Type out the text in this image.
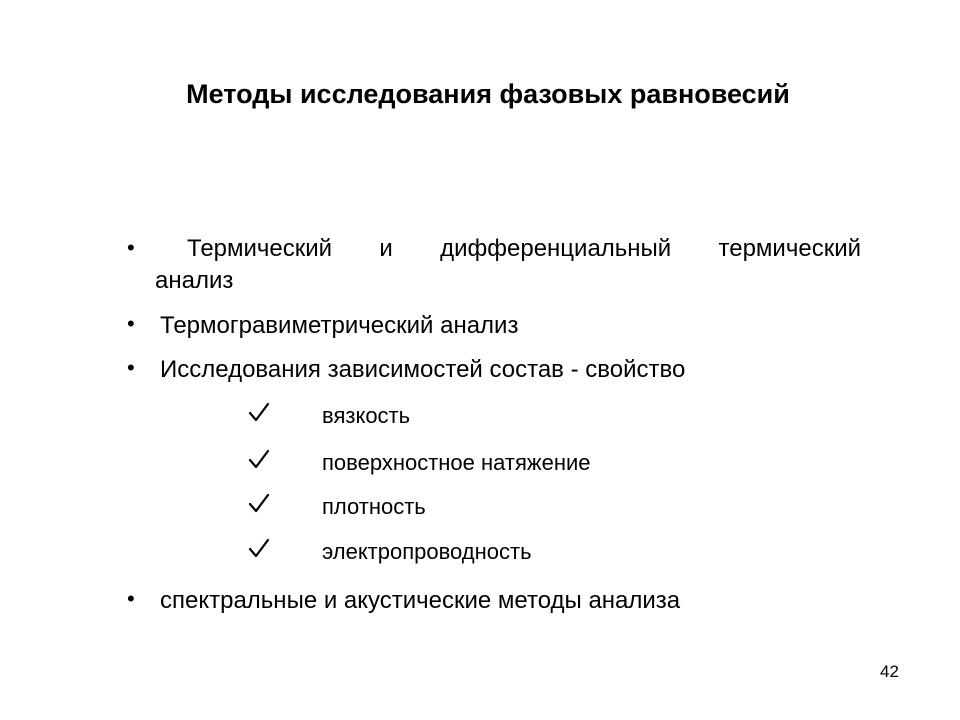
Методы исследования фазовых равновесий
• Термический и дифференциальный термический
анализ
• Термогравиметрический анализ
• Исследования зависимостей состав - свойство
вязкость
поверхностное натяжение
плотность
электропроводность
• спектральные и акустические методы анализа
42
